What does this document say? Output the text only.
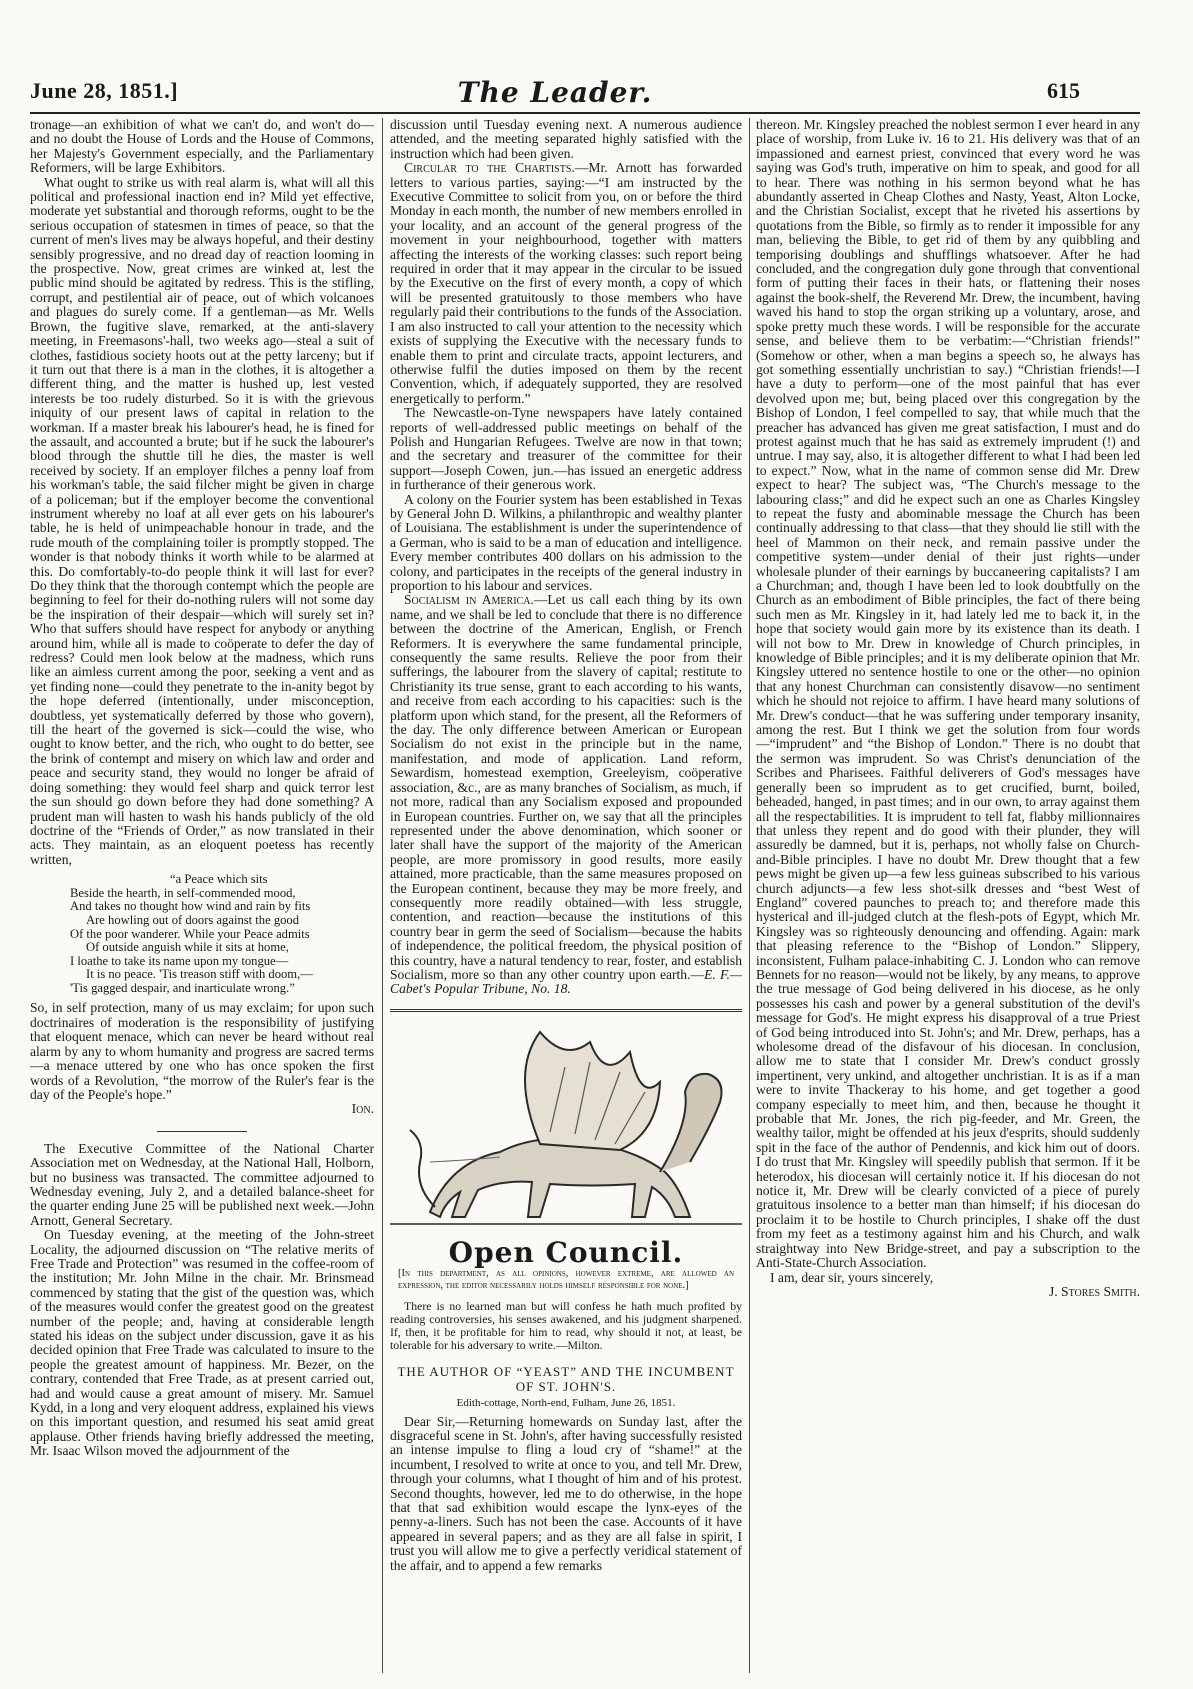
June 28, 1851.]	The Leader.	615

tronage—an exhibition of what we can't do, and won't do—and no doubt the House of Lords and the House of Commons, her Majesty's Government especially, and the Parliamentary Reformers, will be large Exhibitors.

What ought to strike us with real alarm is, what will all this political and professional inaction end in? Mild yet effective, moderate yet substantial and thorough reforms, ought to be the serious occupation of statesmen in times of peace, so that the current of men's lives may be always hopeful, and their destiny sensibly progressive, and no dread day of reaction looming in the prospective. Now, great crimes are winked at, lest the public mind should be agitated by redress. This is the stifling, corrupt, and pestilential air of peace, out of which volcanoes and plagues do surely come. If a gentleman—as Mr. Wells Brown, the fugitive slave, remarked, at the anti-slavery meeting, in Freemasons'-hall, two weeks ago—steal a suit of clothes, fastidious society hoots out at the petty larceny; but if it turn out that there is a man in the clothes, it is altogether a different thing, and the matter is hushed up, lest vested interests be too rudely disturbed. So it is with the grievous iniquity of our present laws of capital in relation to the workman. If a master break his labourer's head, he is fined for the assault, and accounted a brute; but if he suck the labourer's blood through the shuttle till he dies, the master is well received by society. If an employer filches a penny loaf from his workman's table, the said filcher might be given in charge of a policeman; but if the employer become the conventional instrument whereby no loaf at all ever gets on his labourer's table, he is held of unimpeachable honour in trade, and the rude mouth of the complaining toiler is promptly stopped. The wonder is that nobody thinks it worth while to be alarmed at this. Do comfortably-to-do people think it will last for ever? Do they think that the thorough contempt which the people are beginning to feel for their do-nothing rulers will not some day be the inspiration of their despair—which will surely set in? Who that suffers should have respect for anybody or anything around him, while all is made to coöperate to defer the day of redress? Could men look below at the madness, which runs like an aimless current among the poor, seeking a vent and as yet finding none—could they penetrate to the in-anity begot by the hope deferred (intentionally, under misconception, doubtless, yet systematically deferred by those who govern), till the heart of the governed is sick—could the wise, who ought to know better, and the rich, who ought to do better, see the brink of contempt and misery on which law and order and peace and security stand, they would no longer be afraid of doing something: they would feel sharp and quick terror lest the sun should go down before they had done something? A prudent man will hasten to wash his hands publicly of the old doctrine of the “Friends of Order,” as now translated in their acts. They maintain, as an eloquent poetess has recently written,

“a Peace which sits
Beside the hearth, in self-commended mood,
And takes no thought how wind and rain by fits
Are howling out of doors against the good
Of the poor wanderer. While your Peace admits
Of outside anguish while it sits at home,
I loathe to take its name upon my tongue—
It is no peace. 'Tis treason stiff with doom,—
'Tis gagged despair, and inarticulate wrong.”

So, in self protection, many of us may exclaim; for upon such doctrinaires of moderation is the responsibility of justifying that eloquent menace, which can never be heard without real alarm by any to whom humanity and progress are sacred terms—a menace uttered by one who has once spoken the first words of a Revolution, “the morrow of the Ruler's fear is the day of the People's hope.”

Ion.

The Executive Committee of the National Charter Association met on Wednesday, at the National Hall, Holborn, but no business was transacted. The committee adjourned to Wednesday evening, July 2, and a detailed balance-sheet for the quarter ending June 25 will be published next week.—John Arnott, General Secretary.

On Tuesday evening, at the meeting of the John-street Locality, the adjourned discussion on “The relative merits of Free Trade and Protection” was resumed in the coffee-room of the institution; Mr. John Milne in the chair. Mr. Brinsmead commenced by stating that the gist of the question was, which of the measures would confer the greatest good on the greatest number of the people; and, having at considerable length stated his ideas on the subject under discussion, gave it as his decided opinion that Free Trade was calculated to insure to the people the greatest amount of happiness. Mr. Bezer, on the contrary, contended that Free Trade, as at present carried out, had and would cause a great amount of misery. Mr. Samuel Kydd, in a long and very eloquent address, explained his views on this important question, and resumed his seat amid great applause. Other friends having briefly addressed the meeting, Mr. Isaac Wilson moved the adjournment of the

discussion until Tuesday evening next. A numerous audience attended, and the meeting separated highly satisfied with the instruction which had been given.

Circular to the Chartists.—Mr. Arnott has forwarded letters to various parties, saying:—“I am instructed by the Executive Committee to solicit from you, on or before the third Monday in each month, the number of new members enrolled in your locality, and an account of the general progress of the movement in your neighbourhood, together with matters affecting the interests of the working classes: such report being required in order that it may appear in the circular to be issued by the Executive on the first of every month, a copy of which will be presented gratuitously to those members who have regularly paid their contributions to the funds of the Association. I am also instructed to call your attention to the necessity which exists of supplying the Executive with the necessary funds to enable them to print and circulate tracts, appoint lecturers, and otherwise fulfil the duties imposed on them by the recent Convention, which, if adequately supported, they are resolved energetically to perform.”

The Newcastle-on-Tyne newspapers have lately contained reports of well-addressed public meetings on behalf of the Polish and Hungarian Refugees. Twelve are now in that town; and the secretary and treasurer of the committee for their support—Joseph Cowen, jun.—has issued an energetic address in furtherance of their generous work.

A colony on the Fourier system has been established in Texas by General John D. Wilkins, a philanthropic and wealthy planter of Louisiana. The establishment is under the superintendence of a German, who is said to be a man of education and intelligence. Every member contributes 400 dollars on his admission to the colony, and participates in the receipts of the general industry in proportion to his labour and services.

Socialism in America.—Let us call each thing by its own name, and we shall be led to conclude that there is no difference between the doctrine of the American, English, or French Reformers. It is everywhere the same fundamental principle, consequently the same results. Relieve the poor from their sufferings, the labourer from the slavery of capital; restitute to Christianity its true sense, grant to each according to his wants, and receive from each according to his capacities: such is the platform upon which stand, for the present, all the Reformers of the day. The only difference between American or European Socialism do not exist in the principle but in the name, manifestation, and mode of application. Land reform, Sewardism, homestead exemption, Greeleyism, coöperative association, &c., are as many branches of Socialism, as much, if not more, radical than any Socialism exposed and propounded in European countries. Further on, we say that all the principles represented under the above denomination, which sooner or later shall have the support of the majority of the American people, are more promissory in good results, more easily attained, more practicable, than the same measures proposed on the European continent, because they may be more freely, and consequently more readily obtained—with less struggle, contention, and reaction—because the institutions of this country bear in germ the seed of Socialism—because the habits of independence, the political freedom, the physical position of this country, have a natural tendency to rear, foster, and establish Socialism, more so than any other country upon earth.—E. F.—Cabet's Popular Tribune, No. 18.

Open Council.

[In this department, as all opinions, however extreme, are allowed an expression, the editor necessarily holds himself responsible for none.]

There is no learned man but will confess he hath much profited by reading controversies, his senses awakened, and his judgment sharpened. If, then, it be profitable for him to read, why should it not, at least, be tolerable for his adversary to write.—Milton.

THE AUTHOR OF “YEAST” AND THE INCUMBENT OF ST. JOHN'S.
Edith-cottage, North-end, Fulham, June 26, 1851.

Dear Sir,—Returning homewards on Sunday last, after the disgraceful scene in St. John's, after having successfully resisted an intense impulse to fling a loud cry of “shame!” at the incumbent, I resolved to write at once to you, and tell Mr. Drew, through your columns, what I thought of him and of his protest. Second thoughts, however, led me to do otherwise, in the hope that that sad exhibition would escape the lynx-eyes of the penny-a-liners. Such has not been the case. Accounts of it have appeared in several papers; and as they are all false in spirit, I trust you will allow me to give a perfectly veridical statement of the affair, and to append a few remarks

thereon. Mr. Kingsley preached the noblest sermon I ever heard in any place of worship, from Luke iv. 16 to 21. His delivery was that of an impassioned and earnest priest, convinced that every word he was saying was God's truth, imperative on him to speak, and good for all to hear. There was nothing in his sermon beyond what he has abundantly asserted in Cheap Clothes and Nasty, Yeast, Alton Locke, and the Christian Socialist, except that he riveted his assertions by quotations from the Bible, so firmly as to render it impossible for any man, believing the Bible, to get rid of them by any quibbling and temporising doublings and shufflings whatsoever. After he had concluded, and the congregation duly gone through that conventional form of putting their faces in their hats, or flattening their noses against the book-shelf, the Reverend Mr. Drew, the incumbent, having waved his hand to stop the organ striking up a voluntary, arose, and spoke pretty much these words. I will be responsible for the accurate sense, and believe them to be verbatim:—“Christian friends!” (Somehow or other, when a man begins a speech so, he always has got something essentially unchristian to say.) “Christian friends!—I have a duty to perform—one of the most painful that has ever devolved upon me; but, being placed over this congregation by the Bishop of London, I feel compelled to say, that while much that the preacher has advanced has given me great satisfaction, I must and do protest against much that he has said as extremely imprudent (!) and untrue. I may say, also, it is altogether different to what I had been led to expect.” Now, what in the name of common sense did Mr. Drew expect to hear? The subject was, “The Church's message to the labouring class;” and did he expect such an one as Charles Kingsley to repeat the fusty and abominable message the Church has been continually addressing to that class—that they should lie still with the heel of Mammon on their neck, and remain passive under the competitive system—under denial of their just rights—under wholesale plunder of their earnings by buccaneering capitalists? I am a Churchman; and, though I have been led to look doubtfully on the Church as an embodiment of Bible principles, the fact of there being such men as Mr. Kingsley in it, had lately led me to back it, in the hope that society would gain more by its existence than its death. I will not bow to Mr. Drew in knowledge of Church principles, in knowledge of Bible principles; and it is my deliberate opinion that Mr. Kingsley uttered no sentence hostile to one or the other—no opinion that any honest Churchman can consistently disavow—no sentiment which he should not rejoice to affirm. I have heard many solutions of Mr. Drew's conduct—that he was suffering under temporary insanity, among the rest. But I think we get the solution from four words—“imprudent” and “the Bishop of London.” There is no doubt that the sermon was imprudent. So was Christ's denunciation of the Scribes and Pharisees. Faithful deliverers of God's messages have generally been so imprudent as to get crucified, burnt, boiled, beheaded, hanged, in past times; and in our own, to array against them all the respectabilities. It is imprudent to tell fat, flabby millionnaires that unless they repent and do good with their plunder, they will assuredly be damned, but it is, perhaps, not wholly false on Church-and-Bible principles. I have no doubt Mr. Drew thought that a few pews might be given up—a few less guineas subscribed to his various church adjuncts—a few less shot-silk dresses and “best West of England” covered paunches to preach to; and therefore made this hysterical and ill-judged clutch at the flesh-pots of Egypt, which Mr. Kingsley was so righteously denouncing and offending. Again: mark that pleasing reference to the “Bishop of London.” Slippery, inconsistent, Fulham palace-inhabiting C. J. London who can remove Bennets for no reason—would not be likely, by any means, to approve the true message of God being delivered in his diocese, as he only possesses his cash and power by a general substitution of the devil's message for God's. He might express his disapproval of a true Priest of God being introduced into St. John's; and Mr. Drew, perhaps, has a wholesome dread of the disfavour of his diocesan. In conclusion, allow me to state that I consider Mr. Drew's conduct grossly impertinent, very unkind, and altogether unchristian. It is as if a man were to invite Thackeray to his home, and get together a good company especially to meet him, and then, because he thought it probable that Mr. Jones, the rich pig-feeder, and Mr. Green, the wealthy tailor, might be offended at his jeux d'esprits, should suddenly spit in the face of the author of Pendennis, and kick him out of doors. I do trust that Mr. Kingsley will speedily publish that sermon. If it be heterodox, his diocesan will certainly notice it. If his diocesan do not notice it, Mr. Drew will be clearly convicted of a piece of purely gratuitous insolence to a better man than himself; if his diocesan do proclaim it to be hostile to Church principles, I shake off the dust from my feet as a testimony against him and his Church, and walk straightway into New Bridge-street, and pay a subscription to the Anti-State-Church Association.

I am, dear sir, yours sincerely,

J. Stores Smith.
